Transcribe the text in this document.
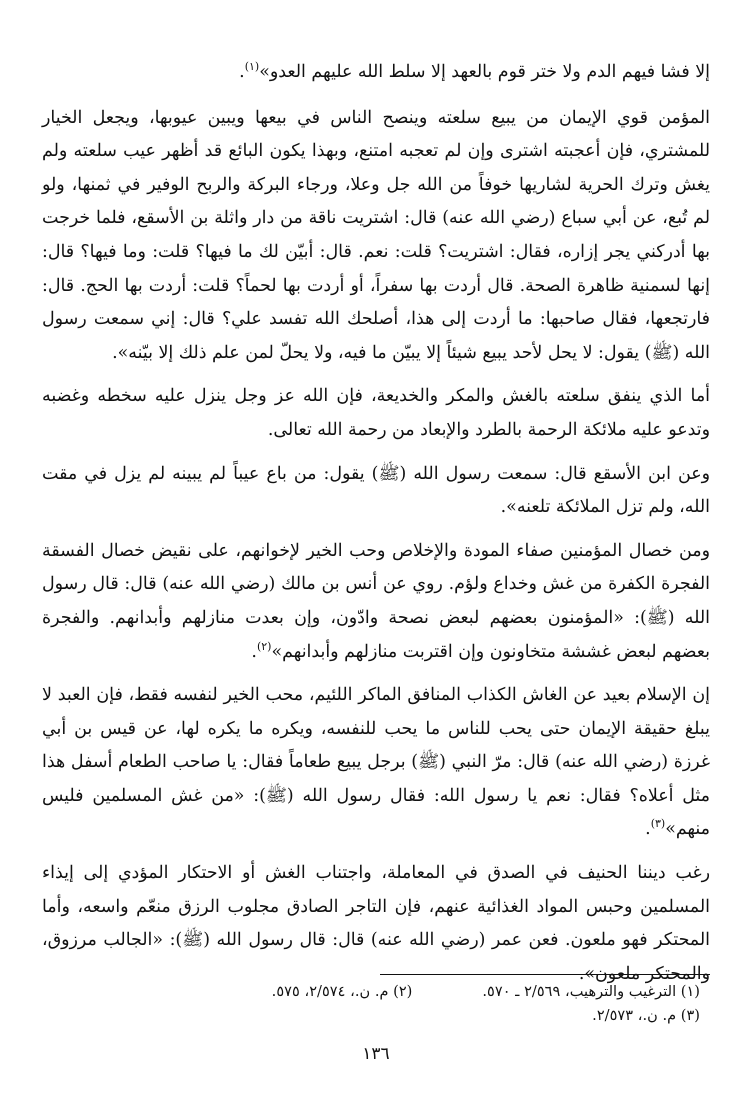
إلا فشا فيهم الدم ولا ختر قوم بالعهد إلا سلط الله عليهم العدو»$^{(١)}$.

المؤمن قوي الإيمان من يبيع سلعته وينصح الناس في بيعها ويبين عيوبها، ويجعل الخيار للمشتري، فإن أعجبته اشترى وإن لم تعجبه امتنع، وبهذا يكون البائع قد أظهر عيب سلعته ولم يغش وترك الحرية لشاريها خوفاً من الله جل وعلا، ورجاء البركة والربح الوفير في ثمنها، ولو لم تُبع، عن أبي سباع (رضي الله عنه) قال: اشتريت ناقة من دار واثلة بن الأسقع، فلما خرجت بها أدركني يجر إزاره، فقال: اشتريت؟ قلت: نعم. قال: أبيّن لك ما فيها؟ قلت: وما فيها؟ قال: إنها لسمنية ظاهرة الصحة. قال أردت بها سفراً، أو أردت بها لحماً؟ قلت: أردت بها الحج. قال: فارتجعها، فقال صاحبها: ما أردت إلى هذا، أصلحك الله تفسد علي؟ قال: إني سمعت رسول الله (ﷺ) يقول: لا يحل لأحد يبيع شيئاً إلا يبيّن ما فيه، ولا يحلّ لمن علم ذلك إلا بيّنه».

أما الذي ينفق سلعته بالغش والمكر والخديعة، فإن الله عز وجل ينزل عليه سخطه وغضبه وتدعو عليه ملائكة الرحمة بالطرد والإبعاد من رحمة الله تعالى.

وعن ابن الأسقع قال: سمعت رسول الله (ﷺ) يقول: من باع عيباً لم يبينه لم يزل في مقت الله، ولم تزل الملائكة تلعنه».

ومن خصال المؤمنين صفاء المودة والإخلاص وحب الخير لإخوانهم، على نقيض خصال الفسقة الفجرة الكفرة من غش وخداع ولؤم. روي عن أنس بن مالك (رضي الله عنه) قال: قال رسول الله (ﷺ): «المؤمنون بعضهم لبعض نصحة وادّون، وإن بعدت منازلهم وأبدانهم. والفجرة بعضهم لبعض غششة متخاونون وإن اقتربت منازلهم وأبدانهم»$^{(٢)}$.

إن الإسلام بعيد عن الغاش الكذاب المنافق الماكر اللئيم، محب الخير لنفسه فقط، فإن العبد لا يبلغ حقيقة الإيمان حتى يحب للناس ما يحب للنفسه، ويكره ما يكره لها، عن قيس بن أبي غرزة (رضي الله عنه) قال: مرّ النبي (ﷺ) برجل يبيع طعاماً فقال: يا صاحب الطعام أسفل هذا مثل أعلاه؟ فقال: نعم يا رسول الله: فقال رسول الله (ﷺ): «من غش المسلمين فليس منهم»$^{(٣)}$.

رغب ديننا الحنيف في الصدق في المعاملة، واجتناب الغش أو الاحتكار المؤدي إلى إيذاء المسلمين وحبس المواد الغذائية عنهم، فإن التاجر الصادق مجلوب الرزق منعّم واسعه، وأما المحتكر فهو ملعون. فعن عمر (رضي الله عنه) قال: قال رسول الله (ﷺ): «الجالب مرزوق، والمحتكر ملعون».

(١) الترغيب والترهيب، ٢/٥٦٩ ـ ٥٧٠.
(٢) م. ن.، ٢/٥٧٤، ٥٧٥.
(٣) م. ن.، ٢/٥٧٣.
١٣٦
